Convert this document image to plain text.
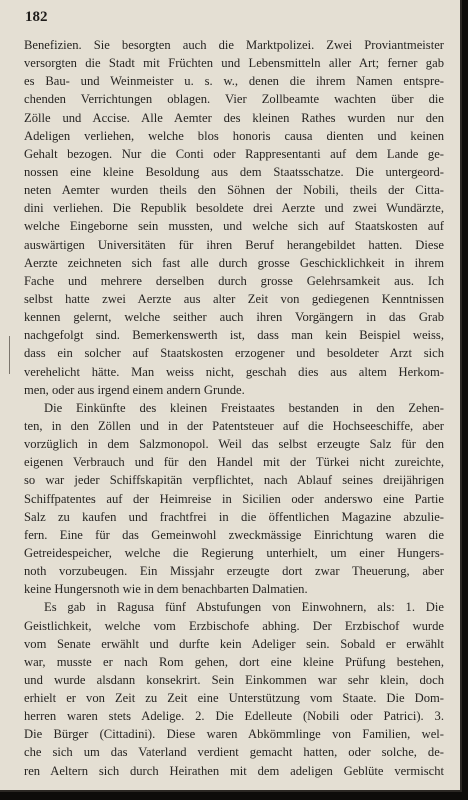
182
Benefizien. Sie besorgten auch die Marktpolizei. Zwei Proviantmeister
versorgten die Stadt mit Früchten und Lebensmitteln aller Art; ferner gab
es Bau- und Weinmeister u. s. w., denen die ihrem Namen entspre-
chenden Verrichtungen oblagen. Vier Zollbeamte wachten über die
Zölle und Accise. Alle Aemter des kleinen Rathes wurden nur den
Adeligen verliehen, welche blos honoris causa dienten und keinen
Gehalt bezogen. Nur die Conti oder Rappresentanti auf dem Lande ge-
nossen eine kleine Besoldung aus dem Staatsschatze. Die untergeord-
neten Aemter wurden theils den Söhnen der Nobili, theils der Citta-
dini verliehen. Die Republik besoldete drei Aerzte und zwei Wundärzte,
welche Eingeborne sein mussten, und welche sich auf Staatskosten auf
auswärtigen Universitäten für ihren Beruf herangebildet hatten. Diese
Aerzte zeichneten sich fast alle durch grosse Geschicklichkeit in ihrem
Fache und mehrere derselben durch grosse Gelehrsamkeit aus. Ich
selbst hatte zwei Aerzte aus alter Zeit von gediegenen Kenntnissen
kennen gelernt, welche seither auch ihren Vorgängern in das Grab
nachgefolgt sind. Bemerkenswerth ist, dass man kein Beispiel weiss,
dass ein solcher auf Staatskosten erzogener und besoldeter Arzt sich
verehelicht hätte. Man weiss nicht, geschah dies aus altem Herkom-
men, oder aus irgend einem andern Grunde.
Die Einkünfte des kleinen Freistaates bestanden in den Zehen-
ten, in den Zöllen und in der Patentsteuer auf die Hochseeschiffe, aber
vorzüglich in dem Salzmonopol. Weil das selbst erzeugte Salz für den
eigenen Verbrauch und für den Handel mit der Türkei nicht zureichte,
so war jeder Schiffskapitän verpflichtet, nach Ablauf seines dreijährigen
Schiffpatentes auf der Heimreise in Sicilien oder anderswo eine Partie
Salz zu kaufen und frachtfrei in die öffentlichen Magazine abzulie-
fern. Eine für das Gemeinwohl zweckmässige Einrichtung waren die
Getreidespeicher, welche die Regierung unterhielt, um einer Hungers-
noth vorzubeugen. Ein Missjahr erzeugte dort zwar Theuerung, aber
keine Hungersnoth wie in dem benachbarten Dalmatien.
Es gab in Ragusa fünf Abstufungen von Einwohnern, als: 1. Die
Geistlichkeit, welche vom Erzbischofe abhing. Der Erzbischof wurde
vom Senate erwählt und durfte kein Adeliger sein. Sobald er erwählt
war, musste er nach Rom gehen, dort eine kleine Prüfung bestehen,
und wurde alsdann konsekrirt. Sein Einkommen war sehr klein, doch
erhielt er von Zeit zu Zeit eine Unterstützung vom Staate. Die Dom-
herren waren stets Adelige. 2. Die Edelleute (Nobili oder Patrici). 3.
Die Bürger (Cittadini). Diese waren Abkömmlinge von Familien, wel-
che sich um das Vaterland verdient gemacht hatten, oder solche, de-
ren Aeltern sich durch Heirathen mit dem adeligen Geblüte vermischt
